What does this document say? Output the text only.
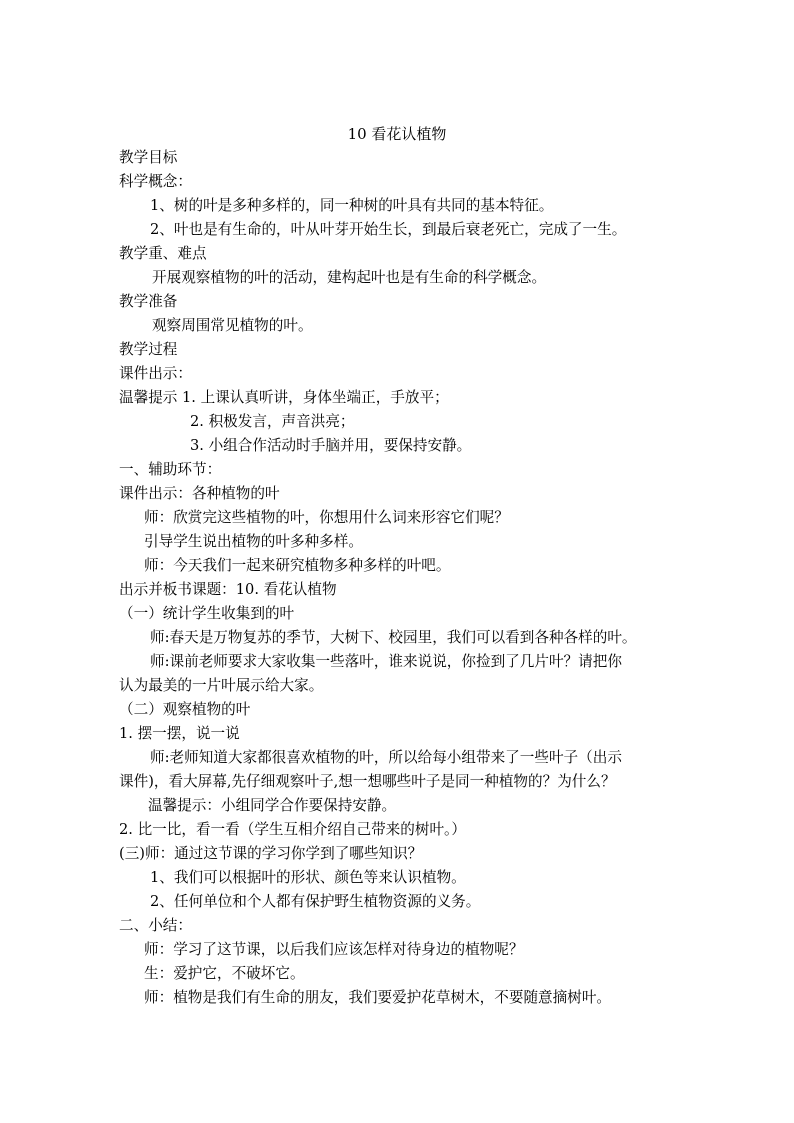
10 看花认植物
教学目标
科学概念：
1、树的叶是多种多样的，同一种树的叶具有共同的基本特征。
2、叶也是有生命的，叶从叶芽开始生长，到最后衰老死亡，完成了一生。
教学重、难点
开展观察植物的叶的活动，建构起叶也是有生命的科学概念。
教学准备
观察周围常见植物的叶。
教学过程
课件出示：
温馨提示 1. 上课认真听讲，身体坐端正，手放平；
2. 积极发言，声音洪亮；
3. 小组合作活动时手脑并用，要保持安静。
一、辅助环节：
课件出示：各种植物的叶
师：欣赏完这些植物的叶，你想用什么词来形容它们呢？
引导学生说出植物的叶多种多样。
师：今天我们一起来研究植物多种多样的叶吧。
出示并板书课题：10. 看花认植物
（一）统计学生收集到的叶
师:春天是万物复苏的季节，大树下、校园里，我们可以看到各种各样的叶。
师:课前老师要求大家收集一些落叶，谁来说说，你捡到了几片叶？请把你
认为最美的一片叶展示给大家。
（二）观察植物的叶
1. 摆一摆，说一说
师:老师知道大家都很喜欢植物的叶，所以给每小组带来了一些叶子（出示
课件)，看大屏幕,先仔细观察叶子,想一想哪些叶子是同一种植物的？为什么？
温馨提示：小组同学合作要保持安静。
2. 比一比，看一看（学生互相介绍自己带来的树叶。）
(三)师：通过这节课的学习你学到了哪些知识？
1、我们可以根据叶的形状、颜色等来认识植物。
2、任何单位和个人都有保护野生植物资源的义务。
二、小结：
师：学习了这节课，以后我们应该怎样对待身边的植物呢？
生：爱护它，不破坏它。
师：植物是我们有生命的朋友，我们要爱护花草树木，不要随意摘树叶。
